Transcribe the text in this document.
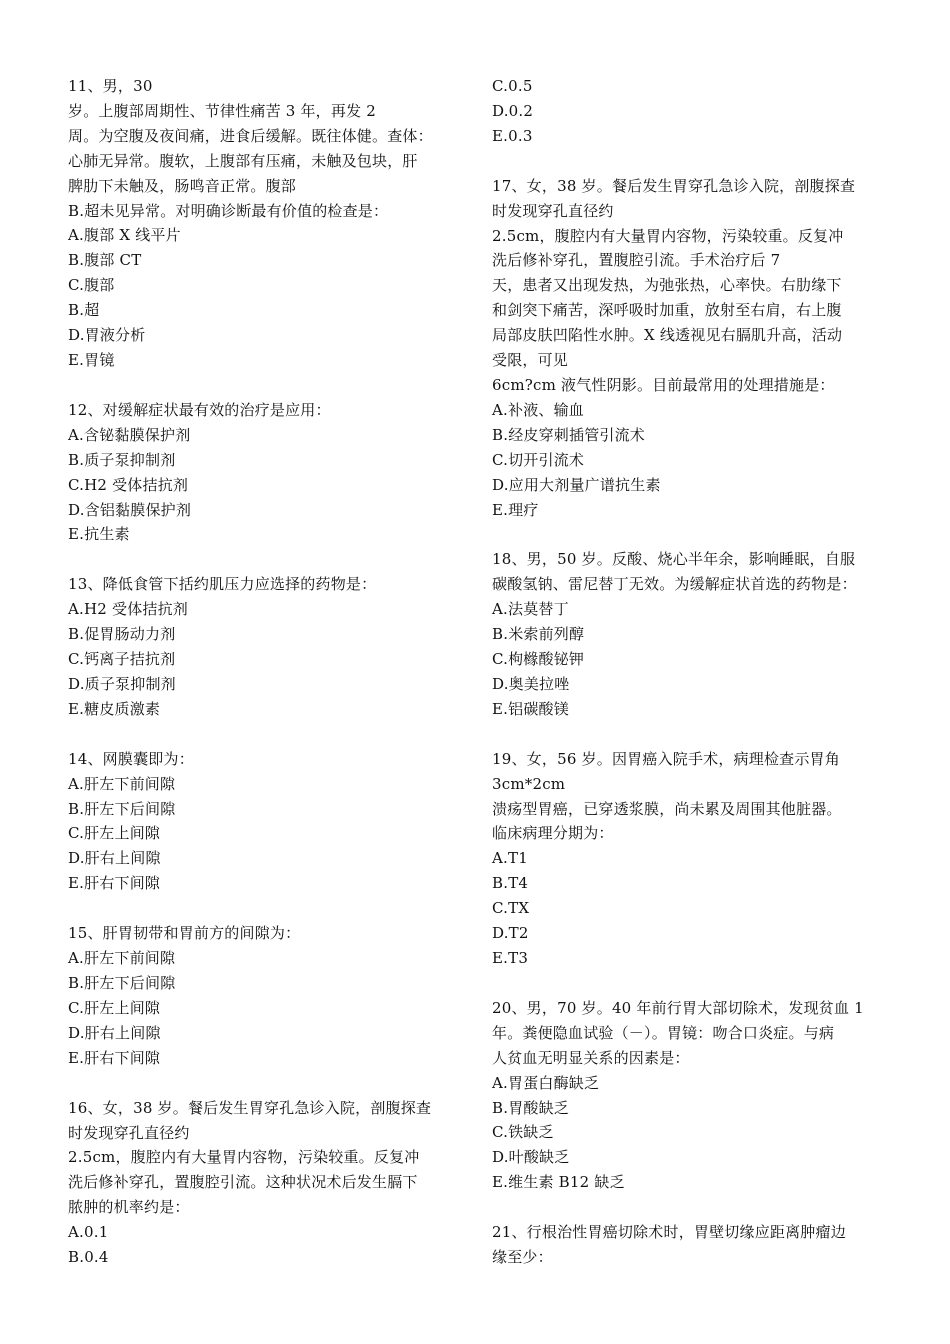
11、男，30
岁。上腹部周期性、节律性痛苦 3 年，再发 2
周。为空腹及夜间痛，进食后缓解。既往体健。查体：
心肺无异常。腹软，上腹部有压痛，未触及包块，肝
脾肋下未触及，肠鸣音正常。腹部
B.超未见异常。对明确诊断最有价值的检查是：
A.腹部 X 线平片
B.腹部 CT
C.腹部
B.超
D.胃液分析
E.胃镜
12、对缓解症状最有效的治疗是应用：
A.含铋黏膜保护剂
B.质子泵抑制剂
C.H2 受体拮抗剂
D.含铝黏膜保护剂
E.抗生素
13、降低食管下括约肌压力应选择的药物是：
A.H2 受体拮抗剂
B.促胃肠动力剂
C.钙离子拮抗剂
D.质子泵抑制剂
E.糖皮质激素
14、网膜囊即为：
A.肝左下前间隙
B.肝左下后间隙
C.肝左上间隙
D.肝右上间隙
E.肝右下间隙
15、肝胃韧带和胃前方的间隙为：
A.肝左下前间隙
B.肝左下后间隙
C.肝左上间隙
D.肝右上间隙
E.肝右下间隙
16、女，38 岁。餐后发生胃穿孔急诊入院，剖腹探查
时发现穿孔直径约
2.5cm，腹腔内有大量胃内容物，污染较重。反复冲
洗后修补穿孔，置腹腔引流。这种状况术后发生膈下
脓肿的机率约是：
A.0.1
B.0.4
C.0.5
D.0.2
E.0.3
17、女，38 岁。餐后发生胃穿孔急诊入院，剖腹探查
时发现穿孔直径约
2.5cm，腹腔内有大量胃内容物，污染较重。反复冲
洗后修补穿孔，置腹腔引流。手术治疗后 7
天，患者又出现发热，为弛张热，心率快。右肋缘下
和剑突下痛苦，深呼吸时加重，放射至右肩，右上腹
局部皮肤凹陷性水肿。X 线透视见右膈肌升高，活动
受限，可见
6cm?cm 液气性阴影。目前最常用的处理措施是：
A.补液、输血
B.经皮穿刺插管引流术
C.切开引流术
D.应用大剂量广谱抗生素
E.理疗
18、男，50 岁。反酸、烧心半年余，影响睡眠，自服
碳酸氢钠、雷尼替丁无效。为缓解症状首选的药物是：
A.法莫替丁
B.米索前列醇
C.枸橼酸铋钾
D.奥美拉唑
E.铝碳酸镁
19、女，56 岁。因胃癌入院手术，病理检查示胃角
3cm*2cm
溃疡型胃癌，已穿透浆膜，尚未累及周围其他脏器。
临床病理分期为：
A.T1
B.T4
C.TX
D.T2
E.T3
20、男，70 岁。40 年前行胃大部切除术，发现贫血 1
年。粪便隐血试验（－）。胃镜：吻合口炎症。与病
人贫血无明显关系的因素是：
A.胃蛋白酶缺乏
B.胃酸缺乏
C.铁缺乏
D.叶酸缺乏
E.维生素 B12 缺乏
21、行根治性胃癌切除术时，胃壁切缘应距离肿瘤边
缘至少：
